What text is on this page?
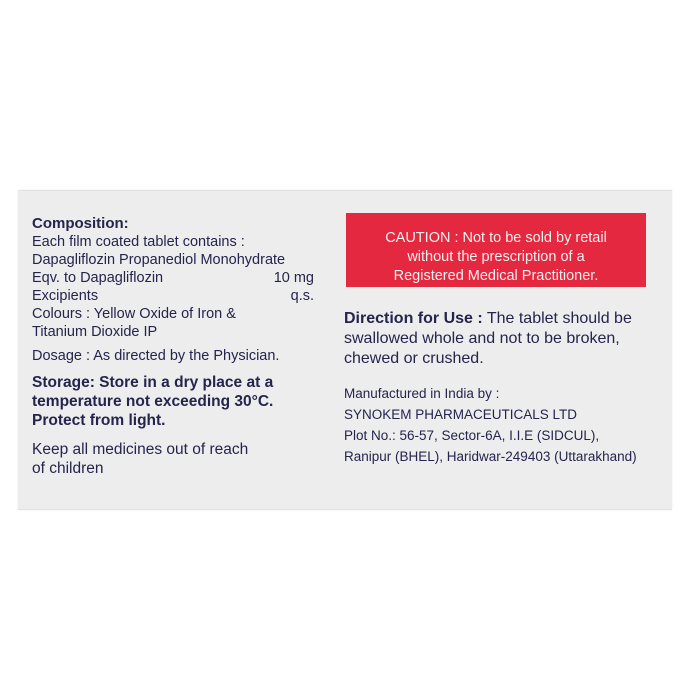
Composition:
Each film coated tablet contains :
Dapagliflozin Propanediol Monohydrate
Eqv. to Dapagliflozin	10 mg
Excipients	q.s.
Colours : Yellow Oxide of Iron &
Titanium Dioxide IP
Dosage : As directed by the Physician.
Storage: Store in a dry place at a
temperature not exceeding 30°C.
Protect from light.
Keep all medicines out of reach
of children
CAUTION : Not to be sold by retail
without the prescription of a
Registered Medical Practitioner.
Direction for Use : The tablet should be swallowed whole and not to be broken, chewed or crushed.
Manufactured in India by :
SYNOKEM PHARMACEUTICALS LTD
Plot No.: 56-57, Sector-6A, I.I.E (SIDCUL),
Ranipur (BHEL), Haridwar-249403 (Uttarakhand)
